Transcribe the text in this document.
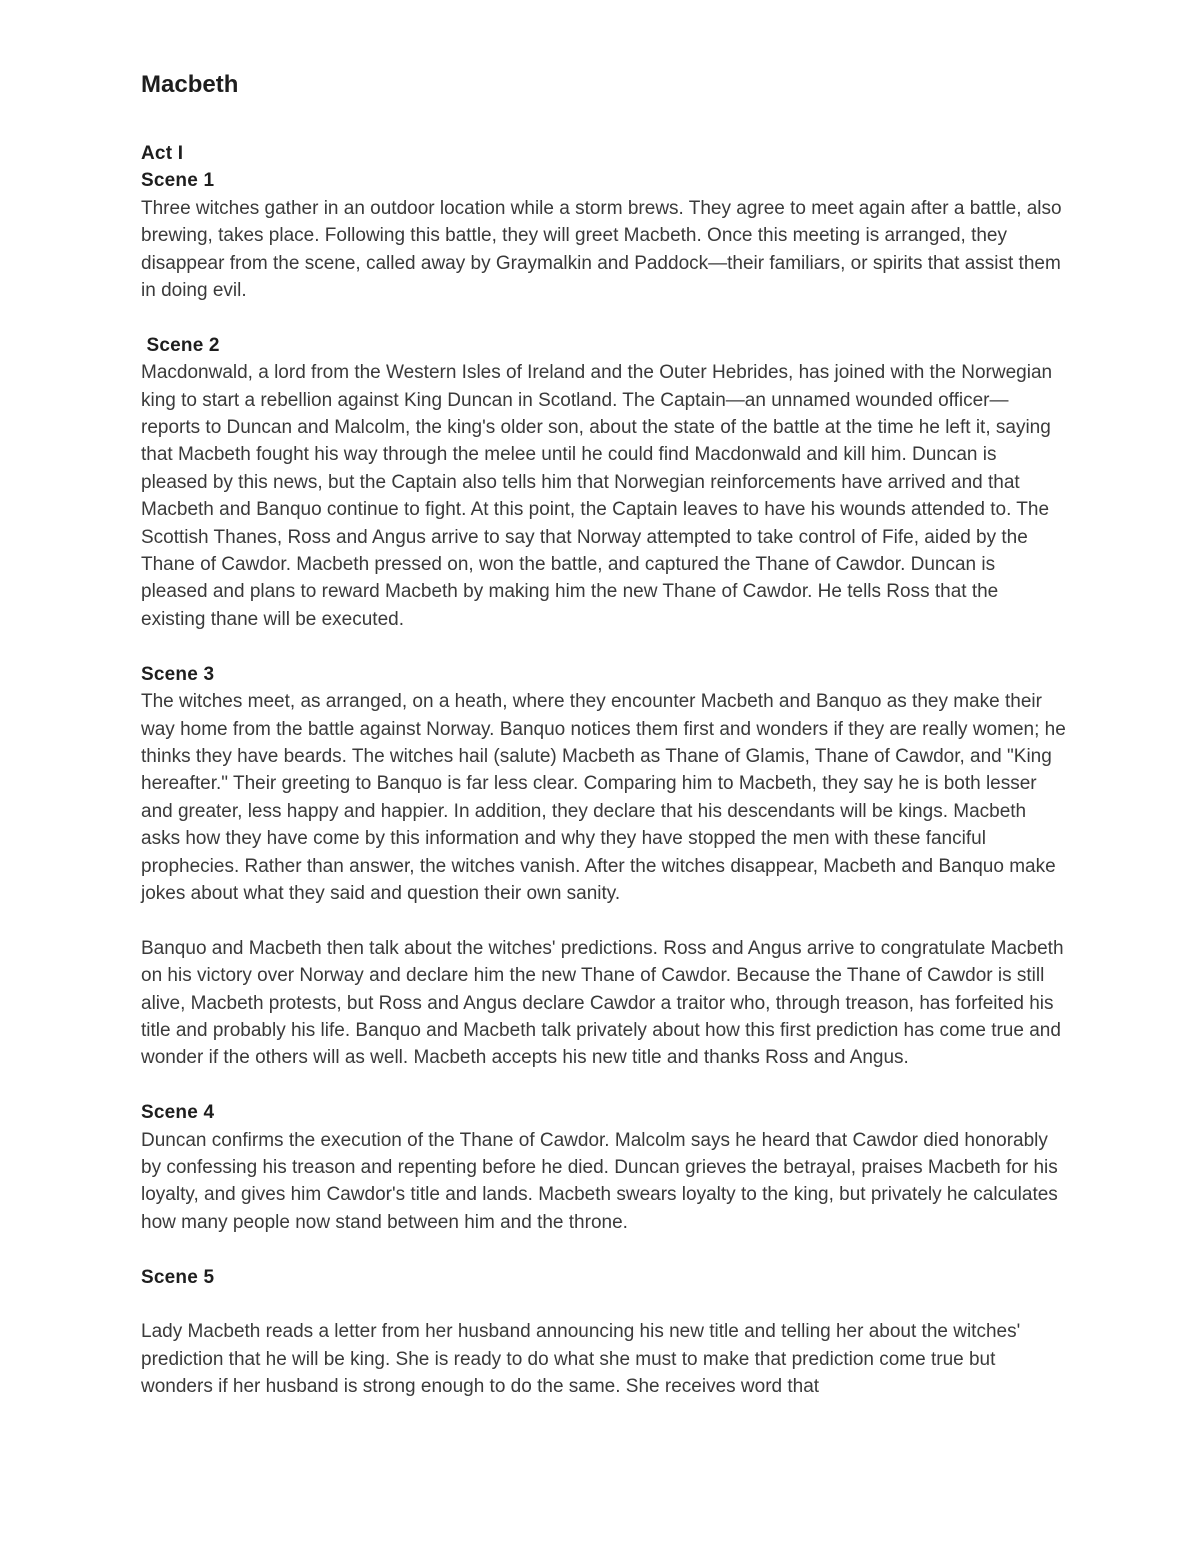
Macbeth
Act I
Scene 1

Three witches gather in an outdoor location while a storm brews. They agree to meet again after a battle, also brewing, takes place. Following this battle, they will greet Macbeth. Once this meeting is arranged, they disappear from the scene, called away by Graymalkin and Paddock—their familiars, or spirits that assist them in doing evil.

Scene 2

Macdonwald, a lord from the Western Isles of Ireland and the Outer Hebrides, has joined with the Norwegian king to start a rebellion against King Duncan in Scotland. The Captain—an unnamed wounded officer—reports to Duncan and Malcolm, the king's older son, about the state of the battle at the time he left it, saying that Macbeth fought his way through the melee until he could find Macdonwald and kill him. Duncan is pleased by this news, but the Captain also tells him that Norwegian reinforcements have arrived and that Macbeth and Banquo continue to fight. At this point, the Captain leaves to have his wounds attended to. The Scottish Thanes, Ross and Angus arrive to say that Norway attempted to take control of Fife, aided by the Thane of Cawdor. Macbeth pressed on, won the battle, and captured the Thane of Cawdor. Duncan is pleased and plans to reward Macbeth by making him the new Thane of Cawdor. He tells Ross that the existing thane will be executed.

Scene 3

The witches meet, as arranged, on a heath, where they encounter Macbeth and Banquo as they make their way home from the battle against Norway. Banquo notices them first and wonders if they are really women; he thinks they have beards. The witches hail (salute) Macbeth as Thane of Glamis, Thane of Cawdor, and "King hereafter." Their greeting to Banquo is far less clear. Comparing him to Macbeth, they say he is both lesser and greater, less happy and happier. In addition, they declare that his descendants will be kings. Macbeth asks how they have come by this information and why they have stopped the men with these fanciful prophecies. Rather than answer, the witches vanish. After the witches disappear, Macbeth and Banquo make jokes about what they said and question their own sanity.

Banquo and Macbeth then talk about the witches' predictions. Ross and Angus arrive to congratulate Macbeth on his victory over Norway and declare him the new Thane of Cawdor. Because the Thane of Cawdor is still alive, Macbeth protests, but Ross and Angus declare Cawdor a traitor who, through treason, has forfeited his title and probably his life. Banquo and Macbeth talk privately about how this first prediction has come true and wonder if the others will as well. Macbeth accepts his new title and thanks Ross and Angus.

Scene 4

Duncan confirms the execution of the Thane of Cawdor. Malcolm says he heard that Cawdor died honorably by confessing his treason and repenting before he died. Duncan grieves the betrayal, praises Macbeth for his loyalty, and gives him Cawdor's title and lands. Macbeth swears loyalty to the king, but privately he calculates how many people now stand between him and the throne.

Scene 5

Lady Macbeth reads a letter from her husband announcing his new title and telling her about the witches' prediction that he will be king. She is ready to do what she must to make that prediction come true but wonders if her husband is strong enough to do the same. She receives word that
